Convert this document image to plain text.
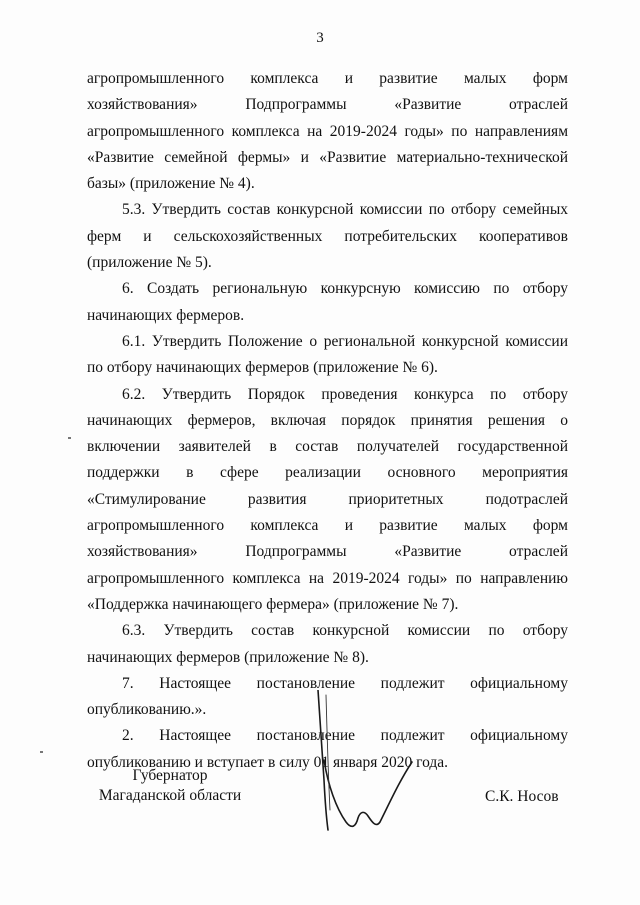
3

агропромышленного комплекса и развитие малых форм хозяйствования» Подпрограммы «Развитие отраслей агропромышленного комплекса на 2019-2024 годы» по направлениям «Развитие семейной фермы» и «Развитие материально-технической базы» (приложение № 4).

5.3. Утвердить состав конкурсной комиссии по отбору семейных ферм и сельскохозяйственных потребительских кооперативов (приложение № 5).

6. Создать региональную конкурсную комиссию по отбору начинающих фермеров.

6.1. Утвердить Положение о региональной конкурсной комиссии по отбору начинающих фермеров (приложение № 6).

6.2. Утвердить Порядок проведения конкурса по отбору начинающих фермеров, включая порядок принятия решения о включении заявителей в состав получателей государственной поддержки в сфере реализации основного мероприятия «Стимулирование развития приоритетных подотраслей агропромышленного комплекса и развитие малых форм хозяйствования» Подпрограммы «Развитие отраслей агропромышленного комплекса на 2019-2024 годы» по направлению «Поддержка начинающего фермера» (приложение № 7).

6.3. Утвердить состав конкурсной комиссии по отбору начинающих фермеров (приложение № 8).

7. Настоящее постановление подлежит официальному опубликованию.».

2. Настоящее постановление подлежит официальному опубликованию и вступает в силу 01 января 2020 года.

Губернатор
Магаданской области	С.К. Носов
